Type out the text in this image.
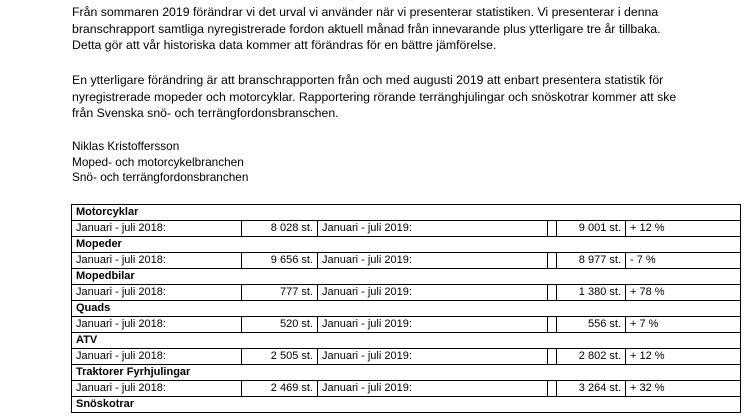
Från sommaren 2019 förändrar vi det urval vi använder när vi presenterar statistiken. Vi presenterar i denna branschrapport samtliga nyregistrerade fordon aktuell månad från innevarande plus ytterligare tre år tillbaka. Detta gör att vår historiska data kommer att förändras för en bättre jämförelse.

En ytterligare förändring är att branschrapporten från och med augusti 2019 att enbart presentera statistik för nyregistrerade mopeder och motorcyklar. Rapportering rörande terränghjulingar och snöskotrar kommer att ske från Svenska snö- och terrängfordonsbranschen.

Niklas Kristoffersson
Moped- och motorcykelbranchen
Snö- och terrängfordonsbranchen
Motorcyklar					
Januari - juli 2018:	8 028 st.	Januari - juli 2019:		9 001 st.	+ 12 %
Mopeder					
Januari - juli 2018:	9 656 st.	Januari - juli 2019:		8 977 st.	- 7 %
Mopedbilar					
Januari - juli 2018:	777 st.	Januari - juli 2019:		1 380 st.	+ 78 %
Quads					
Januari - juli 2018:	520 st.	Januari - juli 2019:		556 st.	+ 7 %
ATV					
Januari - juli 2018:	2 505 st.	Januari - juli 2019:		2 802 st.	+ 12 %
Traktorer Fyrhjulingar					
Januari - juli 2018:	2 469 st.	Januari - juli 2019:		3 264 st.	+ 32 %
Snöskotrar					
